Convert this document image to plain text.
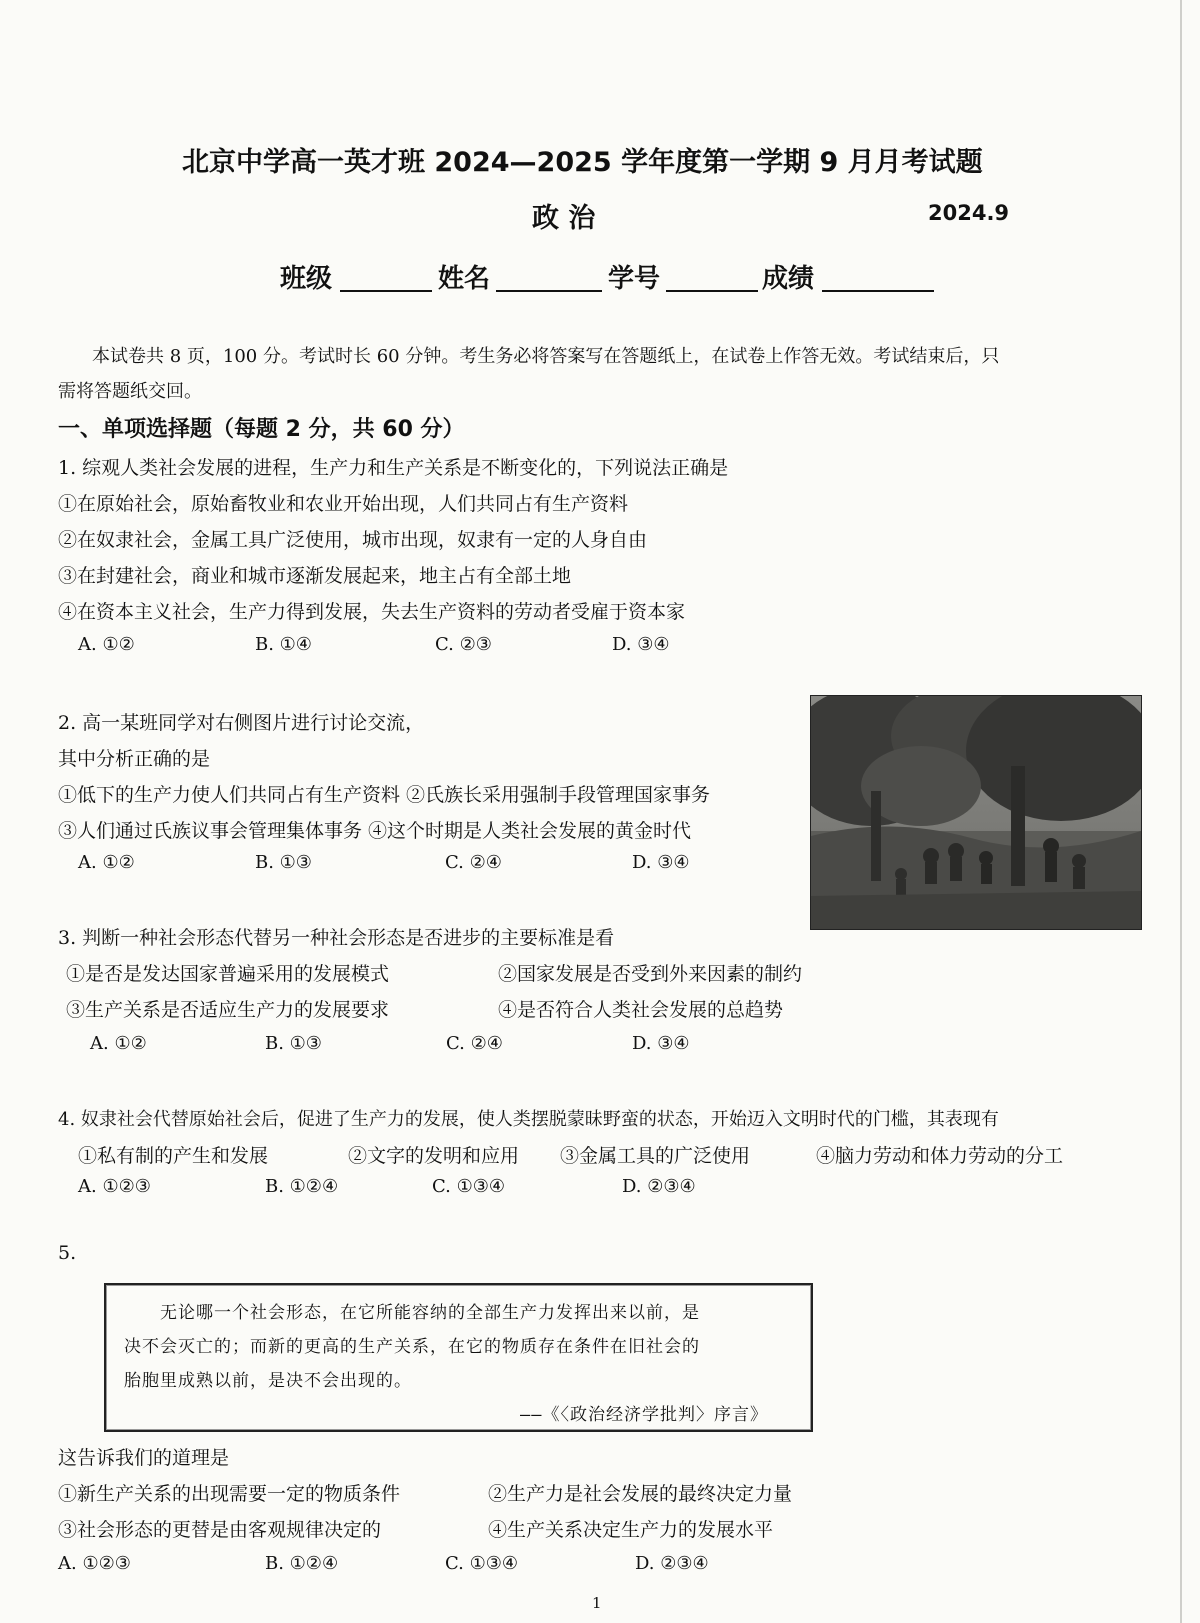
北京中学高一英才班 2024—2025 学年度第一学期 9 月月考试题
政 治	2024.9
班级	姓名	学号	成绩
本试卷共 8 页，100 分。考试时长 60 分钟。考生务必将答案写在答题纸上，在试卷上作答无效。考试结束后，只
需将答题纸交回。
一、单项选择题（每题 2 分，共 60 分）
1. 综观人类社会发展的进程，生产力和生产关系是不断变化的，下列说法正确是
①在原始社会，原始畜牧业和农业开始出现，人们共同占有生产资料
②在奴隶社会，金属工具广泛使用，城市出现，奴隶有一定的人身自由
③在封建社会，商业和城市逐渐发展起来，地主占有全部土地
④在资本主义社会，生产力得到发展，失去生产资料的劳动者受雇于资本家
A. ①②	B. ①④	C. ②③	D. ③④
2. 高一某班同学对右侧图片进行讨论交流，
其中分析正确的是
①低下的生产力使人们共同占有生产资料 ②氏族长采用强制手段管理国家事务
③人们通过氏族议事会管理集体事务 ④这个时期是人类社会发展的黄金时代
A. ①②	B. ①③	C. ②④	D. ③④
3. 判断一种社会形态代替另一种社会形态是否进步的主要标准是看
①是否是发达国家普遍采用的发展模式	②国家发展是否受到外来因素的制约
③生产关系是否适应生产力的发展要求	④是否符合人类社会发展的总趋势
A. ①②	B. ①③	C. ②④	D. ③④
4. 奴隶社会代替原始社会后，促进了生产力的发展，使人类摆脱蒙昧野蛮的状态，开始迈入文明时代的门槛，其表现有
①私有制的产生和发展	②文字的发明和应用 ③金属工具的广泛使用	④脑力劳动和体力劳动的分工
A. ①②③	B. ①②④	C. ①③④	D. ②③④
5.
无论哪一个社会形态，在它所能容纳的全部生产力发挥出来以前，是
决不会灭亡的；而新的更高的生产关系，在它的物质存在条件在旧社会的
胎胞里成熟以前，是决不会出现的。
——《〈政治经济学批判〉序言》
这告诉我们的道理是
①新生产关系的出现需要一定的物质条件	②生产力是社会发展的最终决定力量
③社会形态的更替是由客观规律决定的	④生产关系决定生产力的发展水平
A. ①②③	B. ①②④	C. ①③④	D. ②③④
1
